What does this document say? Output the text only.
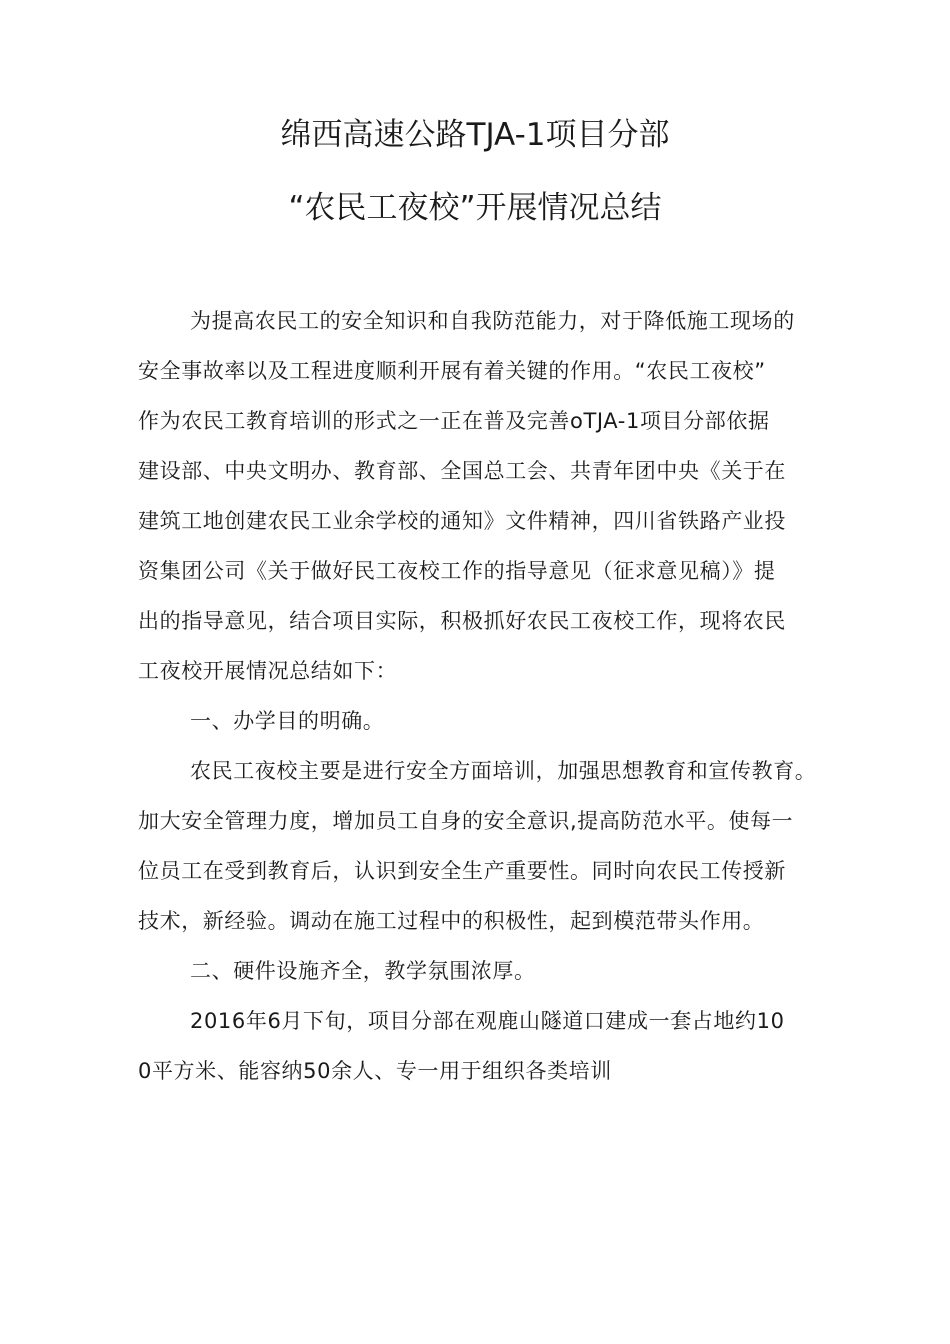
绵西高速公路TJA-1项目分部
“农民工夜校”开展情况总结
为提高农民工的安全知识和自我防范能力，对于降低施工现场的
安全事故率以及工程进度顺利开展有着关键的作用。“农民工夜校”
作为农民工教育培训的形式之一正在普及完善oTJA-1项目分部依据
建设部、中央文明办、教育部、全国总工会、共青年团中央《关于在
建筑工地创建农民工业余学校的通知》文件精神，四川省铁路产业投
资集团公司《关于做好民工夜校工作的指导意见（征求意见稿）》提
出的指导意见，结合项目实际，积极抓好农民工夜校工作，现将农民
工夜校开展情况总结如下：
一、办学目的明确。
农民工夜校主要是进行安全方面培训，加强思想教育和宣传教育。
加大安全管理力度，增加员工自身的安全意识,提高防范水平。使每一
位员工在受到教育后，认识到安全生产重要性。同时向农民工传授新
技术，新经验。调动在施工过程中的积极性，起到模范带头作用。
二、硬件设施齐全，教学氛围浓厚。
2016年6月下旬，项目分部在观鹿山隧道口建成一套占地约10
0平方米、能容纳50余人、专一用于组织各类培训
